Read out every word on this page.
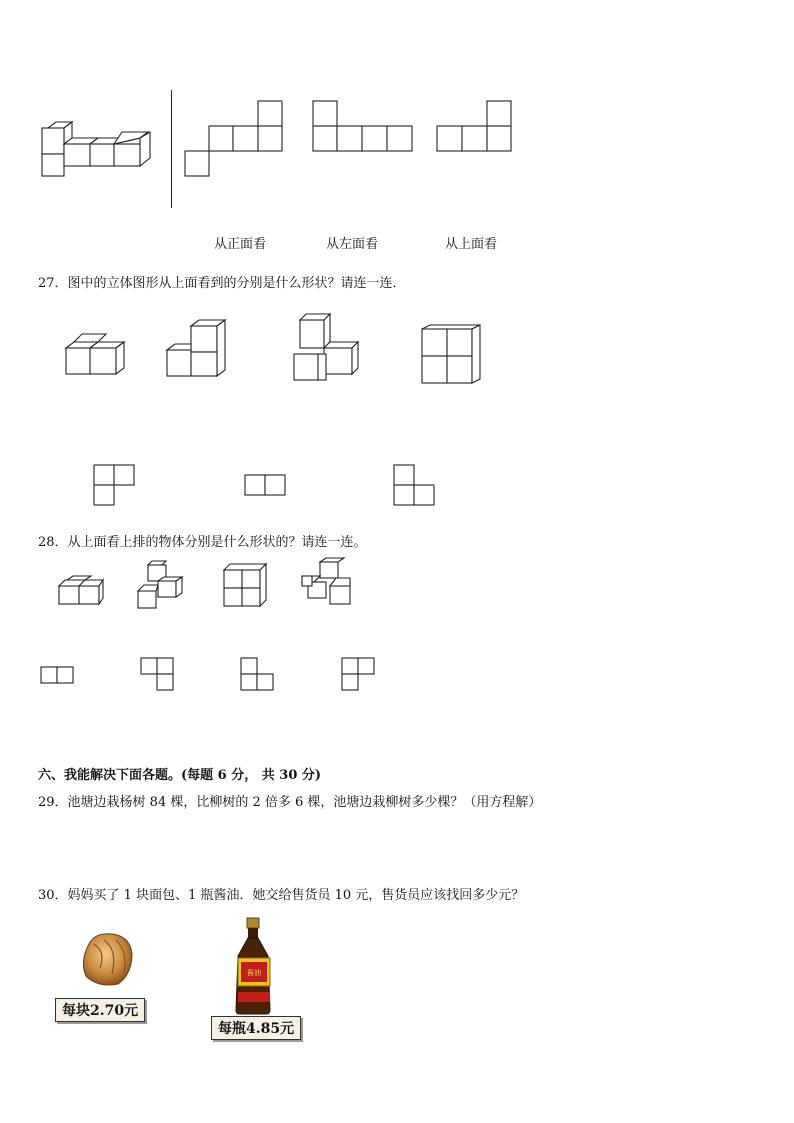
从正面看	从左面看	从上面看
27．图中的立体图形从上面看到的分别是什么形状？请连一连．
28．从上面看上排的物体分别是什么形状的？请连一连。
六、我能解决下面各题。(每题 6 分， 共 30 分)
29．池塘边栽杨树 84 棵，比柳树的 2 倍多 6 棵，池塘边栽柳树多少棵？（用方程解）
30．妈妈买了 1 块面包、1 瓶酱油．她交给售货员 10 元，售货员应该找回多少元？
每块2.70元
酱油
每瓶4.85元
